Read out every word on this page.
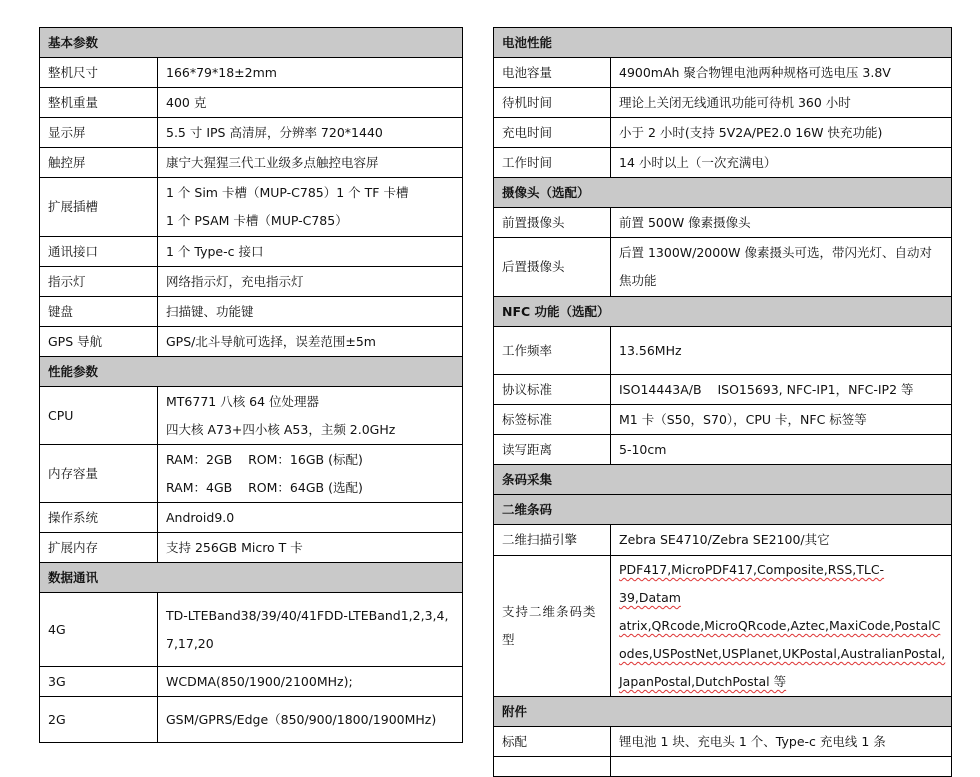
基本参数	
整机尺寸	166*79*18±2mm

整机重量	400 克

显示屏	5.5 寸 IPS 高清屏，分辨率 720*1440

触控屏	康宁大猩猩三代工业级多点触控电容屏

扩展插槽	1 个 Sim 卡槽（MUP-C785）1 个 TF 卡槽
1 个 PSAM 卡槽（MUP-C785）

通讯接口	1 个 Type-c 接口

指示灯	网络指示灯，充电指示灯

键盘	扫描键、功能键

GPS 导航	GPS/北斗导航可选择，误差范围±5m

性能参数	
CPU	MT6771 八核 64 位处理器
四大核 A73+四小核 A53，主频 2.0GHz

内存容量	RAM：2GB    ROM：16GB (标配)
RAM：4GB    ROM：64GB (选配)

操作系统	Android9.0

扩展内存	支持 256GB Micro T 卡

数据通讯	
4G	TD-LTEBand38/39/40/41FDD-LTEBand1,2,3,4,
7,17,20

3G	WCDMA(850/1900/2100MHz);

2G	GSM/GPRS/Edge（850/900/1800/1900MHz)
电池性能	
电池容量	4900mAh 聚合物锂电池两种规格可选电压 3.8V

待机时间	理论上关闭无线通讯功能可待机 360 小时

充电时间	小于 2 小时(支持 5V2A/PE2.0 16W 快充功能)

工作时间	14 小时以上（一次充满电）

摄像头（选配）	
前置摄像头	前置 500W 像素摄像头

后置摄像头	后置 1300W/2000W 像素摄头可选，带闪光灯、自动对
焦功能

NFC 功能（选配）	
工作频率	13.56MHz

协议标准	ISO14443A/B    ISO15693, NFC-IP1，NFC-IP2 等

标签标准	M1 卡（S50，S70），CPU 卡，NFC 标签等

读写距离	5-10cm

条码采集	
二维条码	
二维扫描引擎	Zebra SE4710/Zebra SE2100/其它

支持二维条码类型	PDF417,MicroPDF417,Composite,RSS,TLC-39,Datam
atrix,QRcode,MicroQRcode,Aztec,MaxiCode,PostalC
odes,USPostNet,USPlanet,UKPostal,AustralianPostal,
JapanPostal,DutchPostal 等

附件	
标配	锂电池 1 块、充电头 1 个、Type-c 充电线 1 条
